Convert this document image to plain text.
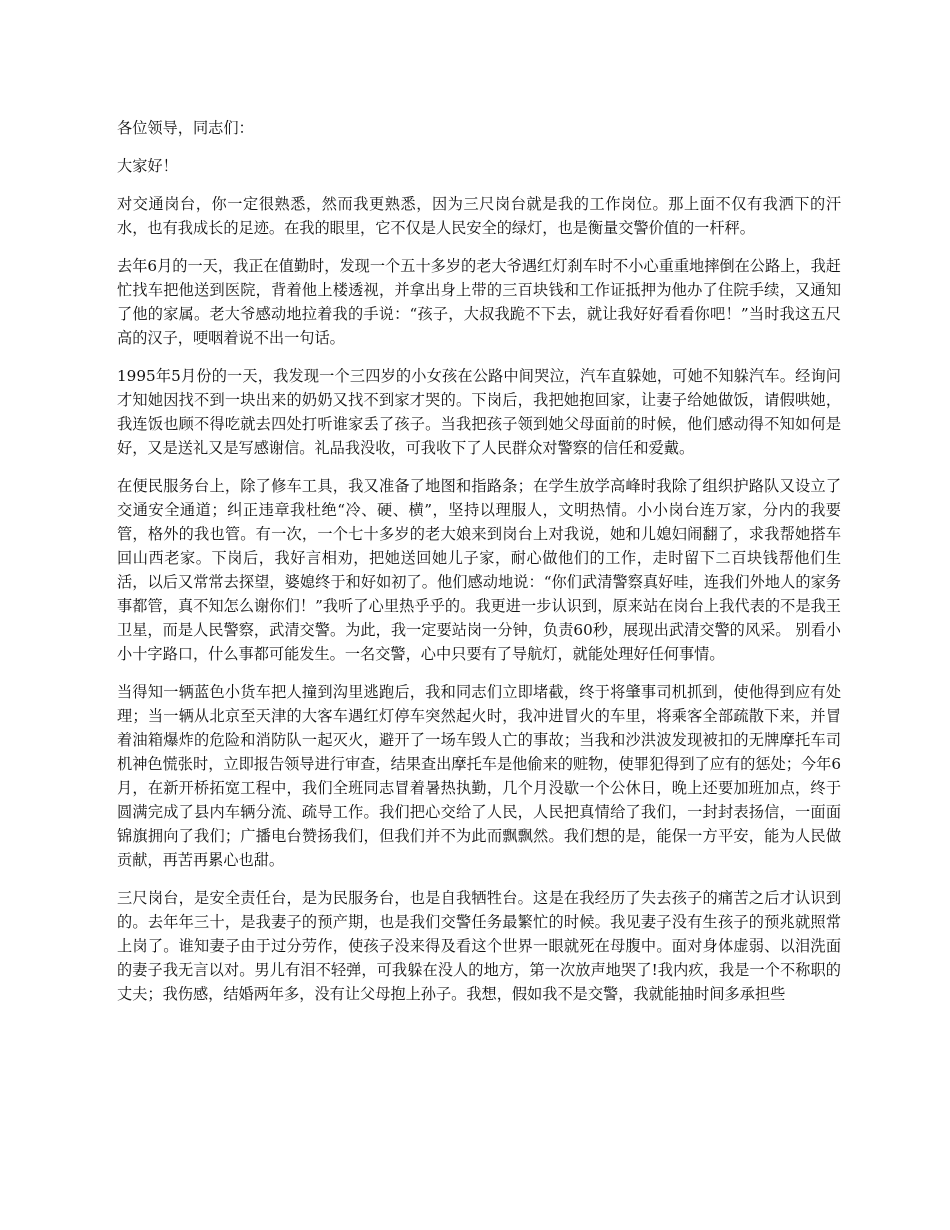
各位领导，同志们：

大家好！

对交通岗台，你一定很熟悉，然而我更熟悉，因为三尺岗台就是我的工作岗位。那上面不仅有我洒下的汗水，也有我成长的足迹。在我的眼里，它不仅是人民安全的绿灯，也是衡量交警价值的一杆秤。

去年6月的一天，我正在值勤时，发现一个五十多岁的老大爷遇红灯刹车时不小心重重地摔倒在公路上，我赶忙找车把他送到医院，背着他上楼透视，并拿出身上带的三百块钱和工作证抵押为他办了住院手续，又通知了他的家属。老大爷感动地拉着我的手说：“孩子，大叔我跪不下去，就让我好好看看你吧！”当时我这五尺高的汉子，哽咽着说不出一句话。

1995年5月份的一天，我发现一个三四岁的小女孩在公路中间哭泣，汽车直躲她，可她不知躲汽车。经询问才知她因找不到一块出来的奶奶又找不到家才哭的。下岗后，我把她抱回家，让妻子给她做饭，请假哄她，我连饭也顾不得吃就去四处打听谁家丢了孩子。当我把孩子领到她父母面前的时候，他们感动得不知如何是好，又是送礼又是写感谢信。礼品我没收，可我收下了人民群众对警察的信任和爱戴。

在便民服务台上，除了修车工具，我又准备了地图和指路条；在学生放学高峰时我除了组织护路队又设立了交通安全通道；纠正违章我杜绝“冷、硬、横”，坚持以理服人，文明热情。小小岗台连万家，分内的我要管，格外的我也管。有一次，一个七十多岁的老大娘来到岗台上对我说，她和儿媳妇闹翻了，求我帮她搭车回山西老家。下岗后，我好言相劝，把她送回她儿子家，耐心做他们的工作，走时留下二百块钱帮他们生活，以后又常常去探望，婆媳终于和好如初了。他们感动地说：“你们武清警察真好哇，连我们外地人的家务事都管，真不知怎么谢你们！”我听了心里热乎乎的。我更进一步认识到，原来站在岗台上我代表的不是我王卫星，而是人民警察，武清交警。为此，我一定要站岗一分钟，负责60秒，展现出武清交警的风采。 别看小小十字路口，什么事都可能发生。一名交警，心中只要有了导航灯，就能处理好任何事情。

当得知一辆蓝色小货车把人撞到沟里逃跑后，我和同志们立即堵截，终于将肇事司机抓到，使他得到应有处理；当一辆从北京至天津的大客车遇红灯停车突然起火时，我冲进冒火的车里，将乘客全部疏散下来，并冒着油箱爆炸的危险和消防队一起灭火，避开了一场车毁人亡的事故；当我和沙洪波发现被扣的无牌摩托车司机神色慌张时，立即报告领导进行审查，结果查出摩托车是他偷来的赃物，使罪犯得到了应有的惩处；今年6月，在新开桥拓宽工程中，我们全班同志冒着暑热执勤，几个月没歇一个公休日，晚上还要加班加点，终于圆满完成了县内车辆分流、疏导工作。我们把心交给了人民，人民把真情给了我们，一封封表扬信，一面面锦旗拥向了我们；广播电台赞扬我们，但我们并不为此而飘飘然。我们想的是，能保一方平安，能为人民做贡献，再苦再累心也甜。

三尺岗台，是安全责任台，是为民服务台，也是自我牺牲台。这是在我经历了失去孩子的痛苦之后才认识到的。去年年三十，是我妻子的预产期，也是我们交警任务最繁忙的时候。我见妻子没有生孩子的预兆就照常上岗了。谁知妻子由于过分劳作，使孩子没来得及看这个世界一眼就死在母腹中。面对身体虚弱、以泪洗面的妻子我无言以对。男儿有泪不轻弹，可我躲在没人的地方，第一次放声地哭了!我内疚，我是一个不称职的丈夫；我伤感，结婚两年多，没有让父母抱上孙子。我想，假如我不是交警，我就能抽时间多承担些
